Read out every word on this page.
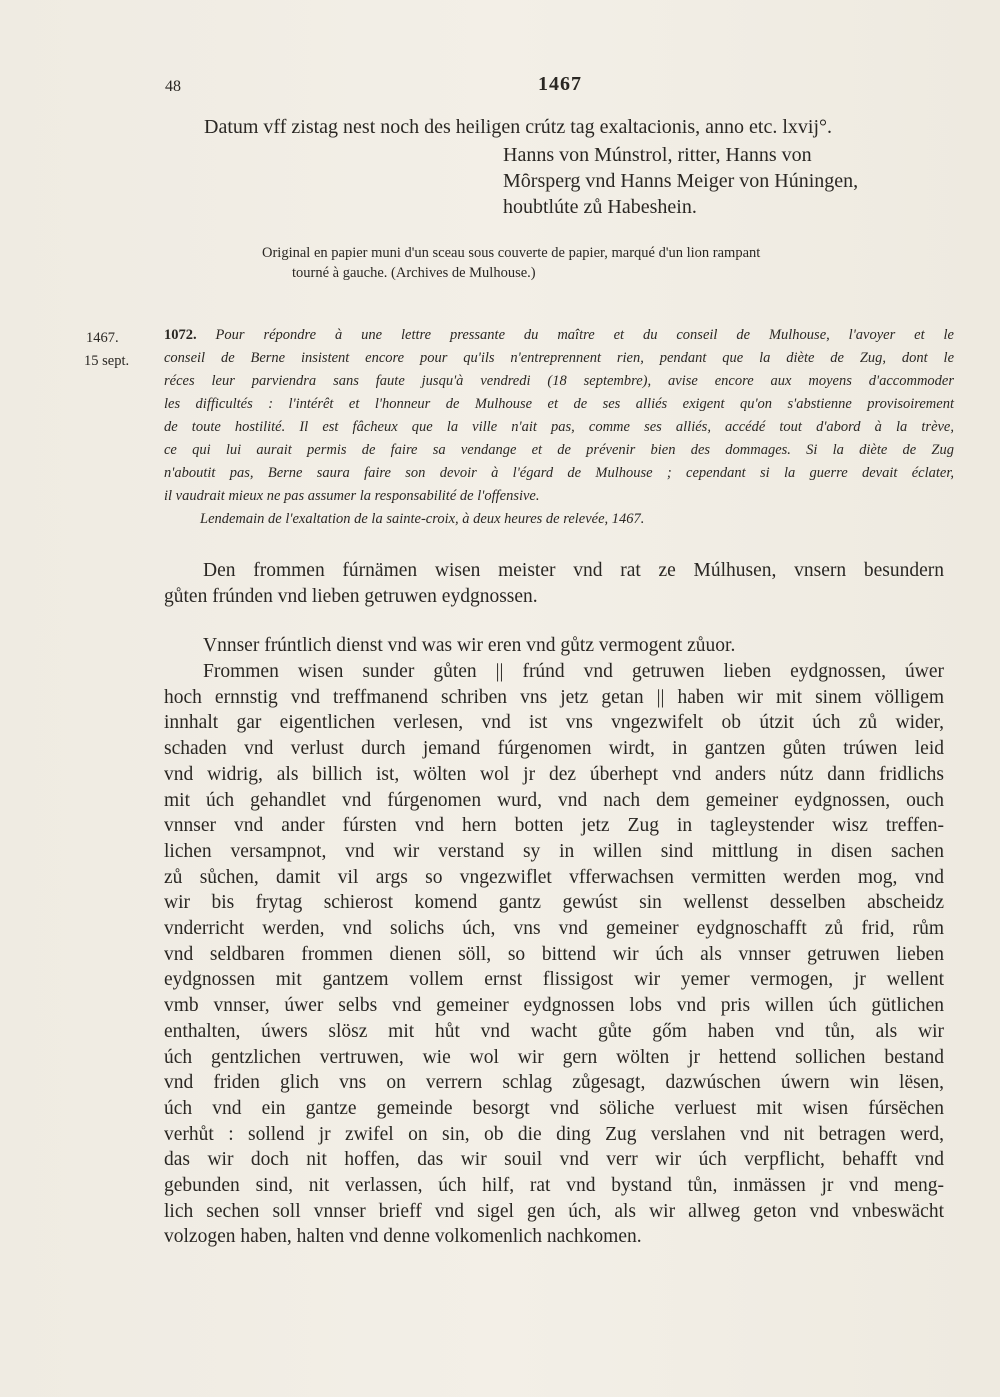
48	1467
Datum vff zistag nest noch des heiligen crútz tag exaltacionis, anno etc. lxvij°.
Hanns von Múnstrol, ritter, Hanns von
Mȏrsperg vnd Hanns Meiger von Húningen,
houbtlúte zů Habeshein.
Original en papier muni d'un sceau sous couverte de papier, marqué d'un lion rampant
tourné à gauche. (Archives de Mulhouse.)
1467.
15 sept.
1072. Pour répondre à une lettre pressante du maître et du conseil de Mulhouse, l'avoyer et le
conseil de Berne insistent encore pour qu'ils n'entreprennent rien, pendant que la diète de Zug, dont le
réces leur parviendra sans faute jusqu'à vendredi (18 septembre), avise encore aux moyens d'accommoder
les difficultés : l'intérêt et l'honneur de Mulhouse et de ses alliés exigent qu'on s'abstienne provisoirement
de toute hostilité. Il est fâcheux que la ville n'ait pas, comme ses alliés, accédé tout d'abord à la trève,
ce qui lui aurait permis de faire sa vendange et de prévenir bien des dommages. Si la diète de Zug
n'aboutit pas, Berne saura faire son devoir à l'égard de Mulhouse ; cependant si la guerre devait éclater,
il vaudrait mieux ne pas assumer la responsabilité de l'offensive.
Lendemain de l'exaltation de la sainte-croix, à deux heures de relevée, 1467.
Den frommen fúrnämen wisen meister vnd rat ze Múlhusen, vnsern besundern
gůten frúnden vnd lieben getruwen eydgnossen.
Vnnser frúntlich dienst vnd was wir eren vnd gůtz vermogent zůuor.
Frommen wisen sunder gůten || frúnd vnd getruwen lieben eydgnossen, úwer
hoch ernnstig vnd treffmanend schriben vns jetz getan || haben wir mit sinem völligem
innhalt gar eigentlichen verlesen, vnd ist vns vngezwifelt ob útzit úch zů wider,
schaden vnd verlust durch jemand fúrgenomen wirdt, in gantzen gůten trúwen leid
vnd widrig, als billich ist, wölten wol jr dez úberhept vnd anders nútz dann fridlichs
mit úch gehandlet vnd fúrgenomen wurd, vnd nach dem gemeiner eydgnossen, ouch
vnnser vnd ander fúrsten vnd hern botten jetz Zug in tagleystender wisz treffen-
lichen versampnot, vnd wir verstand sy in willen sind mittlung in disen sachen
zů sůchen, damit vil args so vngezwiflet vfferwachsen vermitten werden mog, vnd
wir bis frytag schierost komend gantz gewúst sin wellenst desselben abscheidz
vnderricht werden, vnd solichs úch, vns vnd gemeiner eydgnoschafft zů frid, rům
vnd seldbaren frommen dienen söll, so bittend wir úch als vnnser getruwen lieben
eydgnossen mit gantzem vollem ernst flissigost wir yemer vermogen, jr wellent
vmb vnnser, úwer selbs vnd gemeiner eydgnossen lobs vnd pris willen úch gütlichen
enthalten, úwers slösz mit hůt vnd wacht gůte gőm haben vnd tůn, als wir
úch gentzlichen vertruwen, wie wol wir gern wölten jr hettend sollichen bestand
vnd friden glich vns on verrern schlag zůgesagt, dazwúschen úwern win lësen,
úch vnd ein gantze gemeinde besorgt vnd söliche verluest mit wisen fúrsëchen
verhůt : sollend jr zwifel on sin, ob die ding Zug verslahen vnd nit betragen werd,
das wir doch nit hoffen, das wir souil vnd verr wir úch verpflicht, behafft vnd
gebunden sind, nit verlassen, úch hilf, rat vnd bystand tůn, inmässen jr vnd meng-
lich sechen soll vnnser brieff vnd sigel gen úch, als wir allweg geton vnd vnbeswächt
volzogen haben, halten vnd denne volkomenlich nachkomen.
